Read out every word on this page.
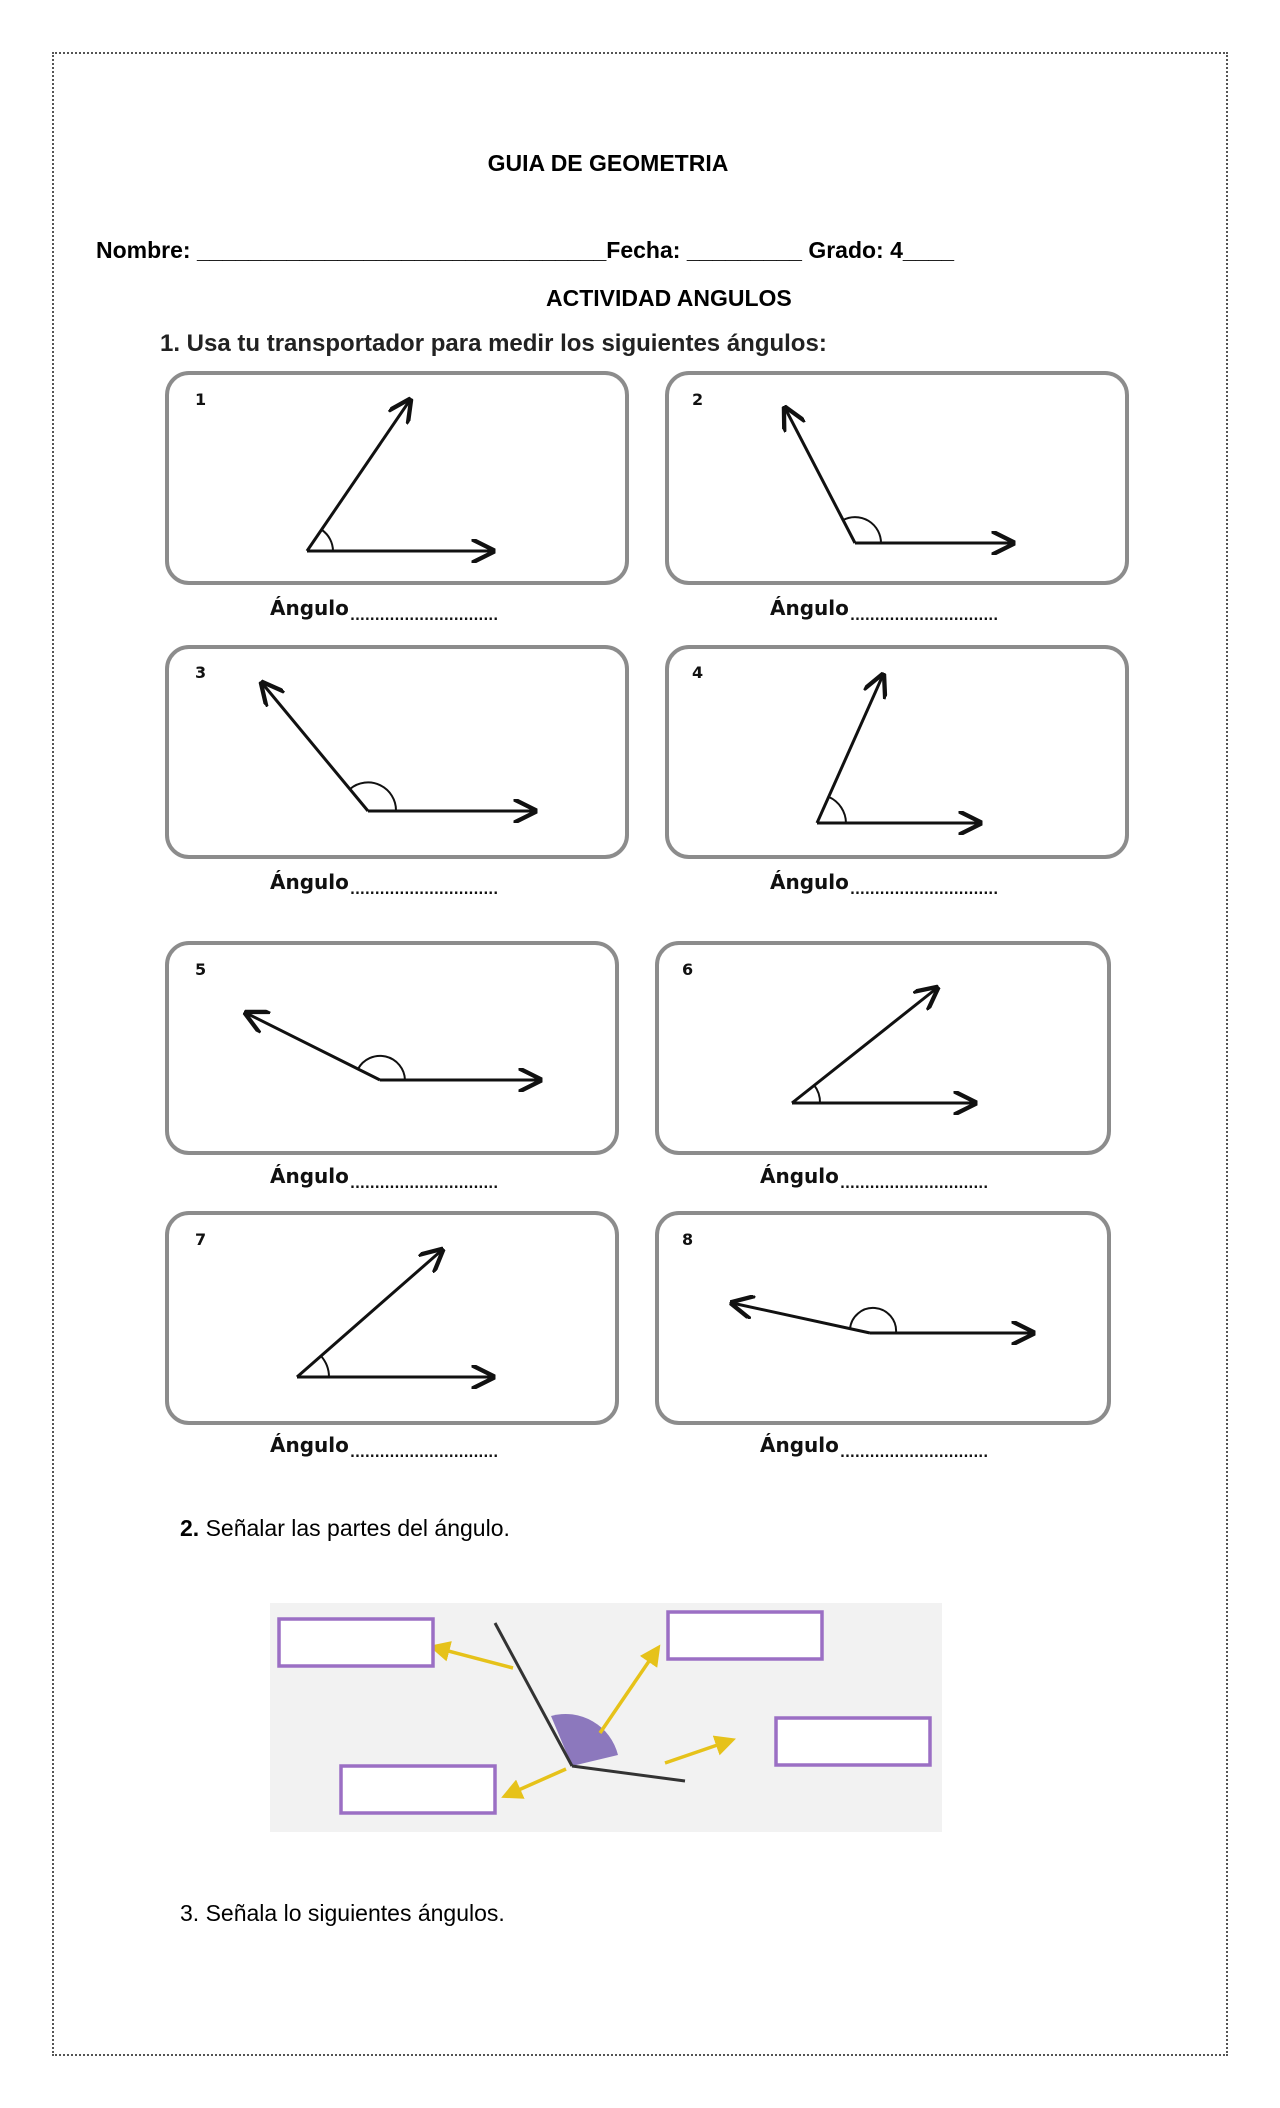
GUIA DE GEOMETRIA
Nombre: ________________________________Fecha: _________ Grado: 4____
ACTIVIDAD ANGULOS
1. Usa tu transportador para medir los siguientes ángulos:
1
Ángulo ..............................
2
Ángulo ..............................
3
Ángulo ..............................
4
Ángulo ..............................
5
Ángulo ..............................
6
Ángulo ..............................
7
Ángulo ..............................
8
Ángulo ..............................
2. Señalar las partes del ángulo.
3. Señala lo siguientes ángulos.
